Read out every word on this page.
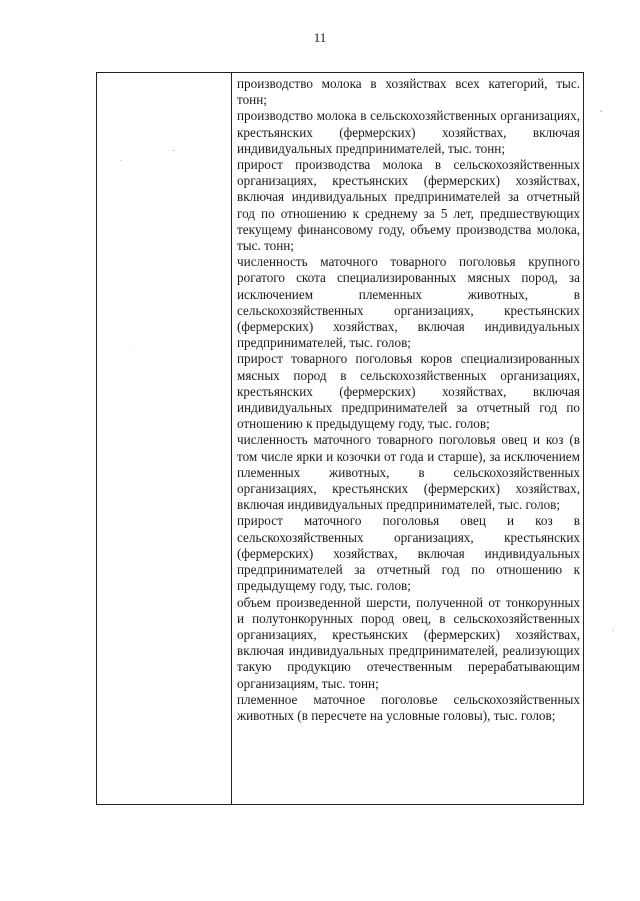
11

производство молока в хозяйствах всех категорий, тыс. тонн;

производство молока в сельскохозяйственных организациях, крестьянских (фермерских) хозяйствах, включая индивидуальных предпринимателей, тыс. тонн;

прирост производства молока в сельскохозяйственных организациях, крестьянских (фермерских) хозяйствах, включая индивидуальных предпринимателей за отчетный год по отношению к среднему за 5 лет, предшествующих текущему финансовому году, объему производства молока, тыс. тонн;

численность маточного товарного поголовья крупного рогатого скота специализированных мясных пород, за исключением племенных животных, в сельскохозяйственных организациях, крестьянских (фермерских) хозяйствах, включая индивидуальных предпринимателей, тыс. голов;

прирост товарного поголовья коров специализированных мясных пород в сельскохозяйственных организациях, крестьянских (фермерских) хозяйствах, включая индивидуальных предпринимателей за отчетный год по отношению к предыдущему году, тыс. голов;

численность маточного товарного поголовья овец и коз (в том числе ярки и козочки от года и старше), за исключением племенных животных, в сельскохозяйственных организациях, крестьянских (фермерских) хозяйствах, включая индивидуальных предпринимателей, тыс. голов;

прирост маточного поголовья овец и коз в сельскохозяйственных организациях, крестьянских (фермерских) хозяйствах, включая индивидуальных предпринимателей за отчетный год по отношению к предыдущему году, тыс. голов;

объем произведенной шерсти, полученной от тонкорунных и полутонкорунных пород овец, в сельскохозяйственных организациях, крестьянских (фермерских) хозяйствах, включая индивидуальных предпринимателей, реализующих такую продукцию отечественным перерабатывающим организациям, тыс. тонн;

племенное маточное поголовье сельскохозяйственных животных (в пересчете на условные головы), тыс. голов;
